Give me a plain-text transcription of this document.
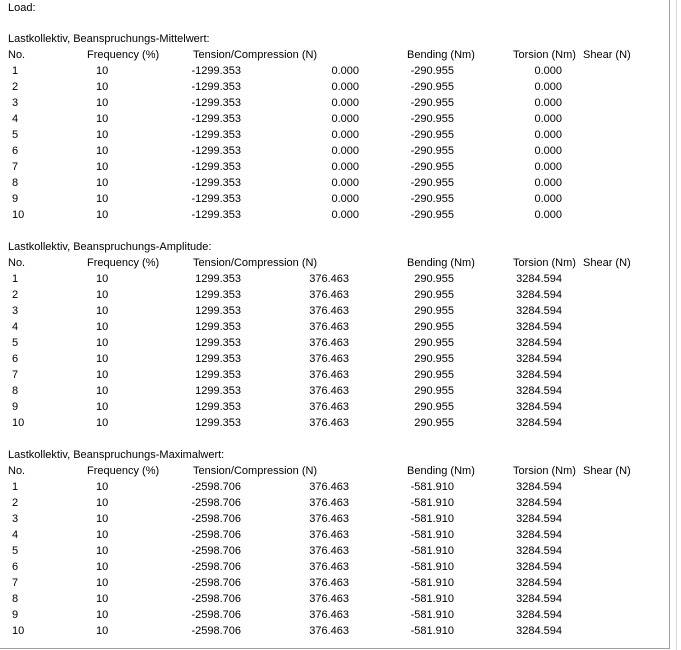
Load:
Lastkollektiv, Beanspruchungs-Mittelwert:
No.	Frequency (%)	Tension/Compression (N)	Bending (Nm)	Torsion (Nm) Shear (N)
1	10	-1299.353	0.000	-290.955	0.000
2	10	-1299.353	0.000	-290.955	0.000
3	10	-1299.353	0.000	-290.955	0.000
4	10	-1299.353	0.000	-290.955	0.000
5	10	-1299.353	0.000	-290.955	0.000
6	10	-1299.353	0.000	-290.955	0.000
7	10	-1299.353	0.000	-290.955	0.000
8	10	-1299.353	0.000	-290.955	0.000
9	10	-1299.353	0.000	-290.955	0.000
10	10	-1299.353	0.000	-290.955	0.000
Lastkollektiv, Beanspruchungs-Amplitude:
No.	Frequency (%)	Tension/Compression (N)	Bending (Nm)	Torsion (Nm) Shear (N)
1	10	1299.353	376.463	290.955	3284.594
2	10	1299.353	376.463	290.955	3284.594
3	10	1299.353	376.463	290.955	3284.594
4	10	1299.353	376.463	290.955	3284.594
5	10	1299.353	376.463	290.955	3284.594
6	10	1299.353	376.463	290.955	3284.594
7	10	1299.353	376.463	290.955	3284.594
8	10	1299.353	376.463	290.955	3284.594
9	10	1299.353	376.463	290.955	3284.594
10	10	1299.353	376.463	290.955	3284.594
Lastkollektiv, Beanspruchungs-Maximalwert:
No.	Frequency (%)	Tension/Compression (N)	Bending (Nm)	Torsion (Nm) Shear (N)
1	10	-2598.706	376.463	-581.910	3284.594
2	10	-2598.706	376.463	-581.910	3284.594
3	10	-2598.706	376.463	-581.910	3284.594
4	10	-2598.706	376.463	-581.910	3284.594
5	10	-2598.706	376.463	-581.910	3284.594
6	10	-2598.706	376.463	-581.910	3284.594
7	10	-2598.706	376.463	-581.910	3284.594
8	10	-2598.706	376.463	-581.910	3284.594
9	10	-2598.706	376.463	-581.910	3284.594
10	10	-2598.706	376.463	-581.910	3284.594
